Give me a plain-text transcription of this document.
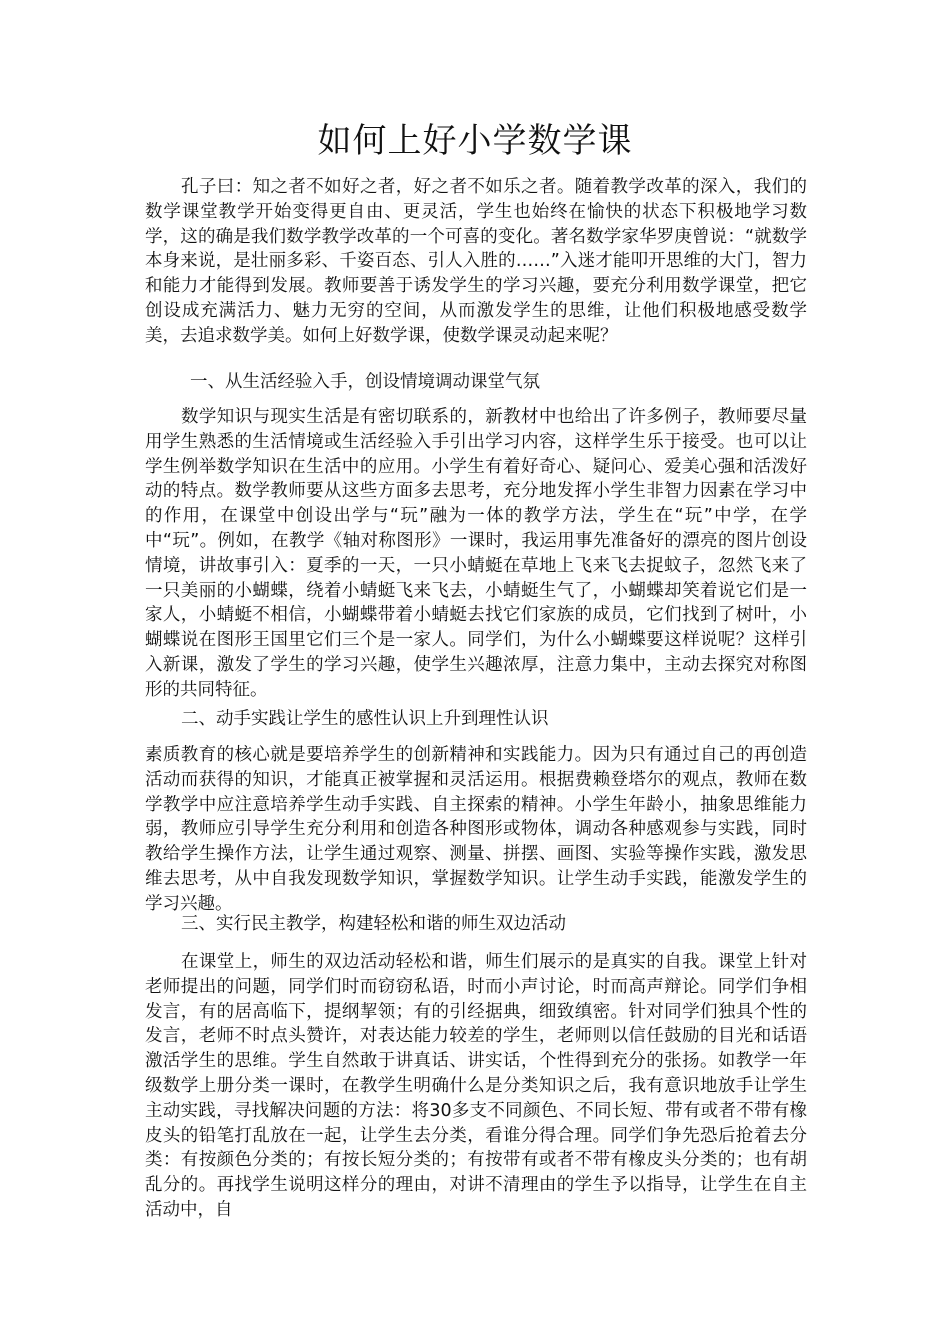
如何上好小学数学课

孔子曰：知之者不如好之者，好之者不如乐之者。随着教学改革的深入，我们的数学课堂教学开始变得更自由、更灵活，学生也始终在愉快的状态下积极地学习数学，这的确是我们数学教学改革的一个可喜的变化。著名数学家华罗庚曾说：“就数学本身来说，是壮丽多彩、千姿百态、引人入胜的……”入迷才能叩开思维的大门，智力和能力才能得到发展。教师要善于诱发学生的学习兴趣，要充分利用数学课堂，把它创设成充满活力、魅力无穷的空间，从而激发学生的思维，让他们积极地感受数学美，去追求数学美。如何上好数学课，使数学课灵动起来呢？

一、从生活经验入手，创设情境调动课堂气氛

数学知识与现实生活是有密切联系的，新教材中也给出了许多例子，教师要尽量用学生熟悉的生活情境或生活经验入手引出学习内容，这样学生乐于接受。也可以让学生例举数学知识在生活中的应用。小学生有着好奇心、疑问心、爱美心强和活泼好动的特点。数学教师要从这些方面多去思考，充分地发挥小学生非智力因素在学习中的作用，在课堂中创设出学与“玩”融为一体的教学方法，学生在“玩”中学，在学中“玩”。例如，在教学《轴对称图形》一课时，我运用事先准备好的漂亮的图片创设情境，讲故事引入：夏季的一天，一只小蜻蜓在草地上飞来飞去捉蚊子，忽然飞来了一只美丽的小蝴蝶，绕着小蜻蜓飞来飞去，小蜻蜓生气了，小蝴蝶却笑着说它们是一家人，小蜻蜓不相信，小蝴蝶带着小蜻蜓去找它们家族的成员，它们找到了树叶，小蝴蝶说在图形王国里它们三个是一家人。同学们，为什么小蝴蝶要这样说呢？这样引入新课，激发了学生的学习兴趣，使学生兴趣浓厚，注意力集中，主动去探究对称图形的共同特征。

二、动手实践让学生的感性认识上升到理性认识

素质教育的核心就是要培养学生的创新精神和实践能力。因为只有通过自己的再创造活动而获得的知识，才能真正被掌握和灵活运用。根据费赖登塔尔的观点，教师在数学教学中应注意培养学生动手实践、自主探索的精神。小学生年龄小，抽象思维能力弱，教师应引导学生充分利用和创造各种图形或物体，调动各种感观参与实践，同时教给学生操作方法，让学生通过观察、测量、拼摆、画图、实验等操作实践，激发思维去思考，从中自我发现数学知识，掌握数学知识。让学生动手实践，能激发学生的学习兴趣。

三、实行民主教学，构建轻松和谐的师生双边活动

在课堂上，师生的双边活动轻松和谐，师生们展示的是真实的自我。课堂上针对老师提出的问题，同学们时而窃窃私语，时而小声讨论，时而高声辩论。同学们争相发言，有的居高临下，提纲挈领；有的引经据典，细致缜密。针对同学们独具个性的发言，老师不时点头赞许，对表达能力较差的学生，老师则以信任鼓励的目光和话语激活学生的思维。学生自然敢于讲真话、讲实话，个性得到充分的张扬。如教学一年级数学上册分类一课时，在教学生明确什么是分类知识之后，我有意识地放手让学生主动实践，寻找解决问题的方法：将30多支不同颜色、不同长短、带有或者不带有橡皮头的铅笔打乱放在一起，让学生去分类，看谁分得合理。同学们争先恐后抢着去分类：有按颜色分类的；有按长短分类的；有按带有或者不带有橡皮头分类的；也有胡乱分的。再找学生说明这样分的理由，对讲不清理由的学生予以指导，让学生在自主活动中，自
